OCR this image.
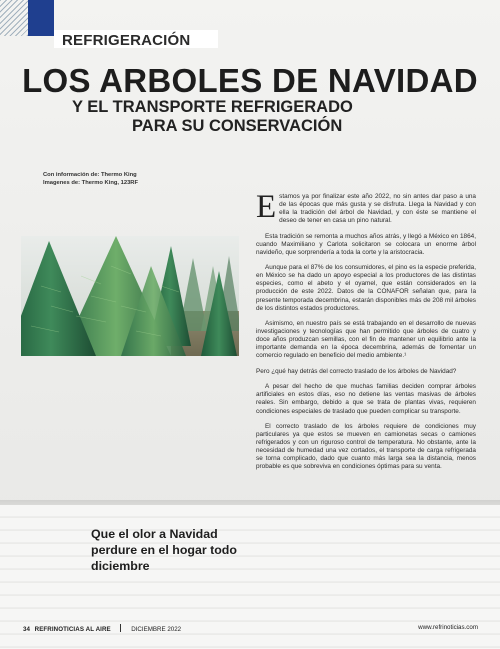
REFRIGERACIÓN
LOS ARBOLES DE NAVIDAD
Y EL TRANSPORTE REFRIGERADO
PARA SU CONSERVACIÓN
Con información de: Thermo King
Imagenes de: Thermo King, 123RF

Estamos ya por finalizar este año 2022, no sin antes dar paso a una de las épocas que más gusta y se disfruta. Llega la Navidad y con ella la tradición del árbol de Navidad, y con éste se mantiene el deseo de tener en casa un pino natural.

Esta tradición se remonta a muchos años atrás, y llegó a México en 1864, cuando Maximiliano y Carlota solicitaron se colocara un enorme árbol navideño, que sorprendería a toda la corte y la aristocracia.

Aunque para el 87% de los consumidores, el pino es la especie preferida, en México se ha dado un apoyo especial a los productores de las distintas especies, como el abeto y el oyamel, que están considerados en la producción de este 2022. Datos de la CONAFOR señalan que, para la presente temporada decembrina, estarán disponibles más de 208 mil árboles de los distintos estados productores.

Asimismo, en nuestro país se está trabajando en el desarrollo de nuevas investigaciones y tecnologías que han permitido que árboles de cuatro y doce años produzcan semillas, con el fin de mantener un equilibrio ante la importante demanda en la época decembrina, además de fomentar un comercio regulado en beneficio del medio ambiente.¹

Pero ¿qué hay detrás del correcto traslado de los árboles de Navidad?

A pesar del hecho de que muchas familias deciden comprar árboles artificiales en estos días, eso no detiene las ventas masivas de árboles reales. Sin embargo, debido a que se trata de plantas vivas, requieren condiciones especiales de traslado que pueden complicar su transporte.

El correcto traslado de los árboles requiere de condiciones muy particulares ya que estos se mueven en camionetas secas o camiones refrigerados y con un riguroso control de temperatura. No obstante, ante la necesidad de humedad una vez cortados, el transporte de carga refrigerada se torna complicado, dado que cuanto más larga sea la distancia, menos probable es que sobreviva en condiciones óptimas para su venta.

Que el olor a Navidad perdure en el hogar todo diciembre
34 REFRINOTICIAS AL AIRE	DICIEMBRE 2022	www.refrinoticias.com
